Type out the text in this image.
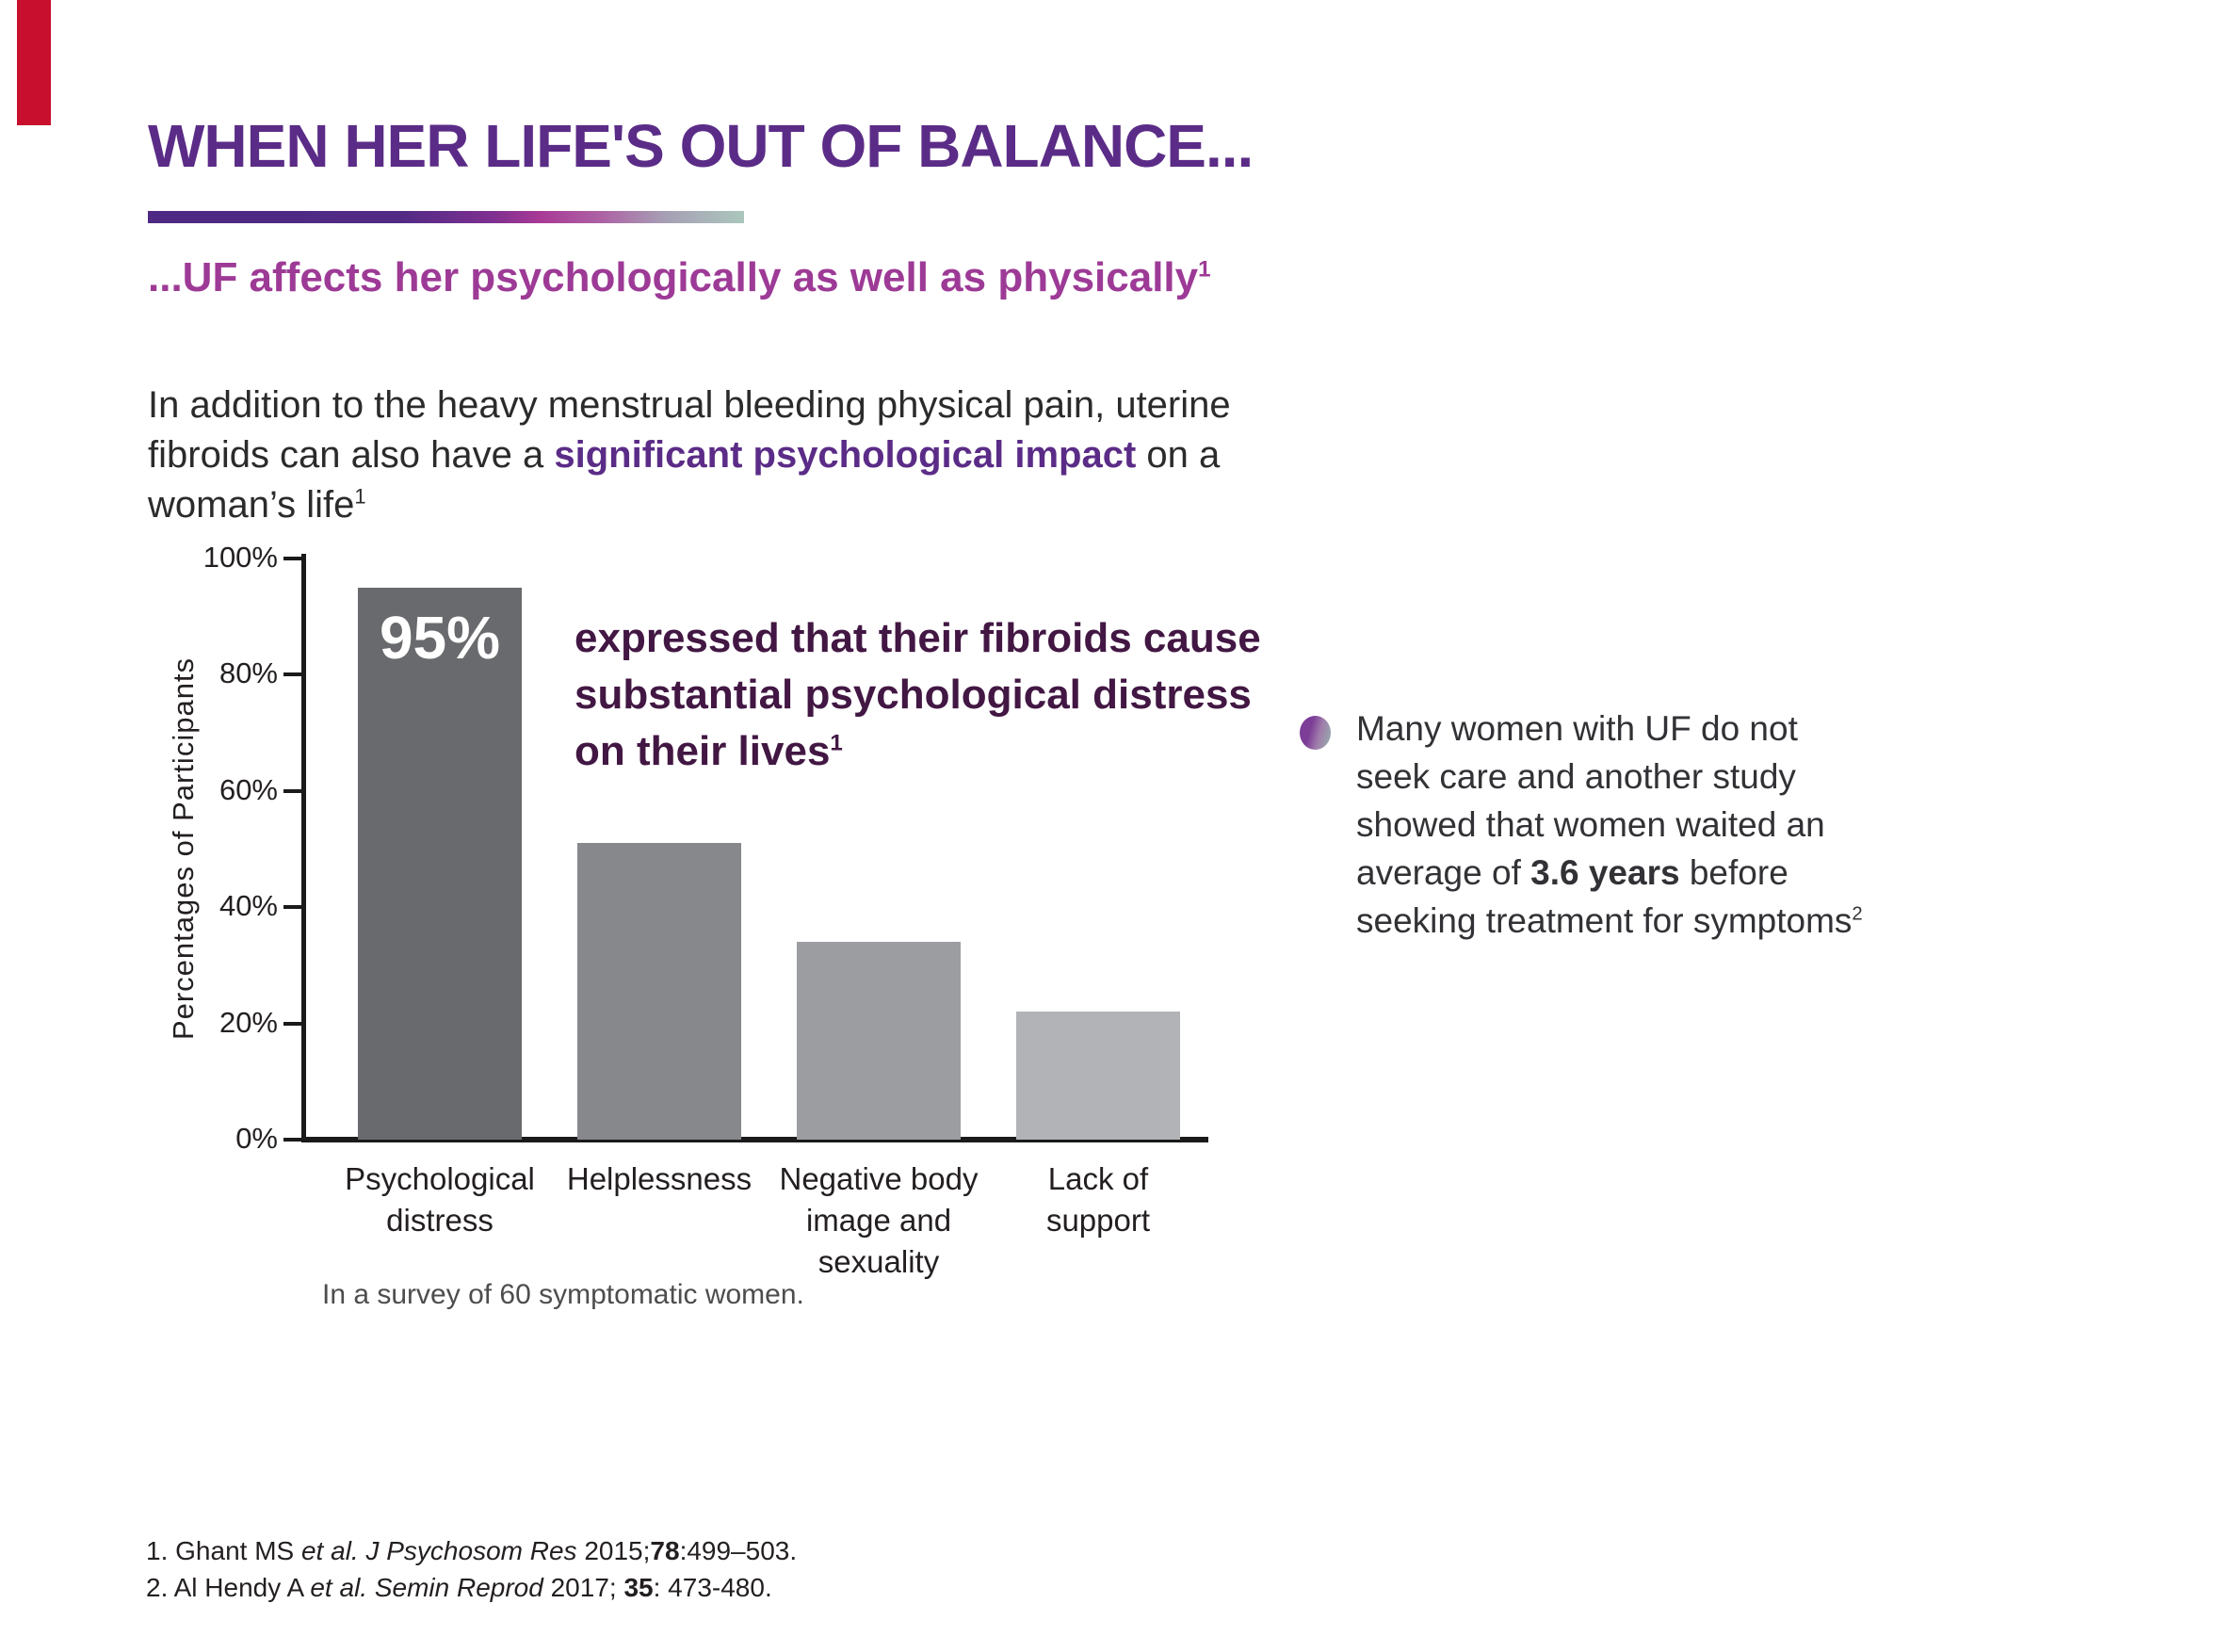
WHEN HER LIFE'S OUT OF BALANCE...
...UF affects her psychologically as well as physically$^1$
In addition to the heavy menstrual bleeding physical pain, uterine fibroids can also have a significant psychological impact on a woman’s life$^1$
Percentages of Participants
100%
80%
60%
40%
20%
0%
95%	expressed that their fibroids cause
substantial psychological distress
on their lives$^1$
Psychological
distress
Helplessness Negative body
image and
sexuality
Lack of
support
In a survey of 60 symptomatic women.
Many women with UF do not seek care and another study showed that women waited an average of 3.6 years before seeking treatment for symptoms$^2$
1. Ghant MS et al. J Psychosom Res 2015;78:499–503.
2. Al Hendy A et al. Semin Reprod 2017; 35: 473-480.
